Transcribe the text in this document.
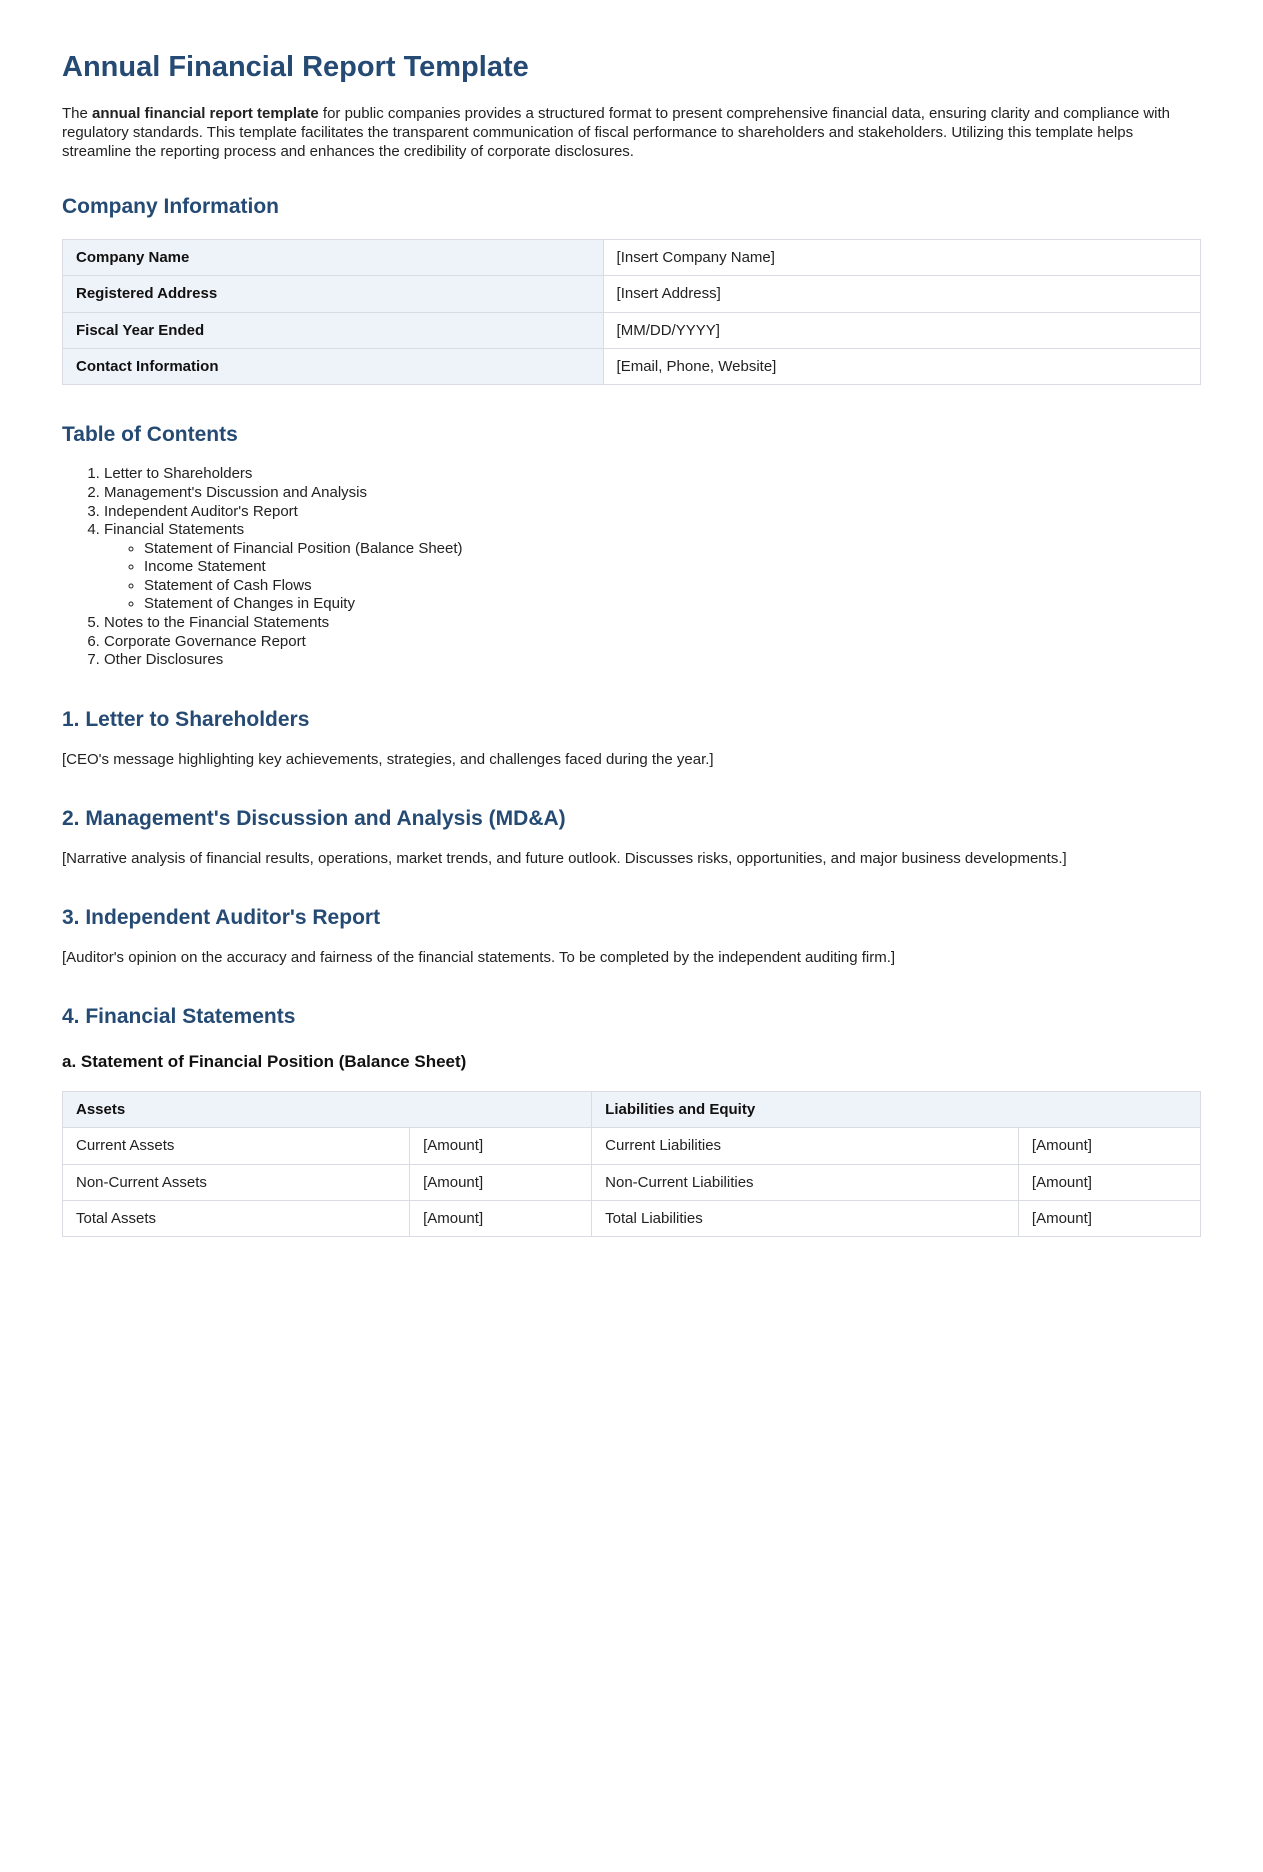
Annual Financial Report Template

The annual financial report template for public companies provides a structured format to present comprehensive financial data, ensuring clarity and compliance with regulatory standards. This template facilitates the transparent communication of fiscal performance to shareholders and stakeholders. Utilizing this template helps streamline the reporting process and enhances the credibility of corporate disclosures.

Company Information
Company Name	[Insert Company Name]
Registered Address	[Insert Address]
Fiscal Year Ended	[MM/DD/YYYY]
Contact Information	[Email, Phone, Website]
Table of Contents
1. Letter to Shareholders
2. Management's Discussion and Analysis
3. Independent Auditor's Report
4. Financial Statements
◦ Statement of Financial Position (Balance Sheet)
◦ Income Statement
◦ Statement of Cash Flows
◦ Statement of Changes in Equity
5. Notes to the Financial Statements
6. Corporate Governance Report
7. Other Disclosures
1. Letter to Shareholders

[CEO's message highlighting key achievements, strategies, and challenges faced during the year.]

2. Management's Discussion and Analysis (MD&A)

[Narrative analysis of financial results, operations, market trends, and future outlook. Discusses risks, opportunities, and major business developments.]

3. Independent Auditor's Report

[Auditor's opinion on the accuracy and fairness of the financial statements. To be completed by the independent auditing firm.]

4. Financial Statements
a. Statement of Financial Position (Balance Sheet)
Assets		Liabilities and Equity	
Current Assets	[Amount]	Current Liabilities	[Amount]
Non-Current Assets	[Amount]	Non-Current Liabilities	[Amount]
Total Assets	[Amount]	Total Liabilities	[Amount]
